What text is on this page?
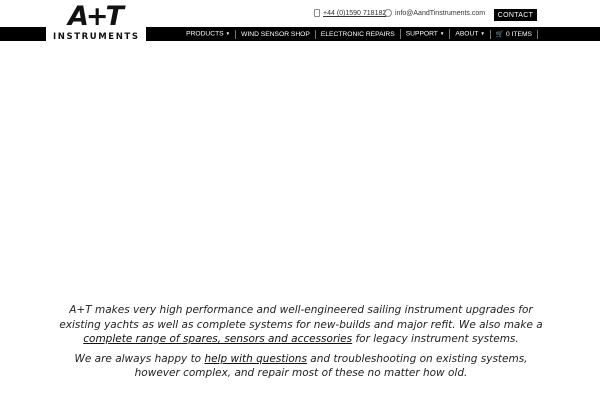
A+T
INSTRUMENTS
+44 (0)1590 718182	info@AandTinstruments.com	CONTACT
PRODUCTS ▼	WIND SENSOR SHOP	ELECTRONIC REPAIRS	SUPPORT ▼	ABOUT ▼	🛒 0 ITEMS

A+T makes very high performance and well-engineered sailing instrument upgrades for existing yachts as well as complete systems for new-builds and major refit. We also make a complete range of spares, sensors and accessories for legacy instrument systems.

We are always happy to help with questions and troubleshooting on existing systems, however complex, and repair most of these no matter how old.
